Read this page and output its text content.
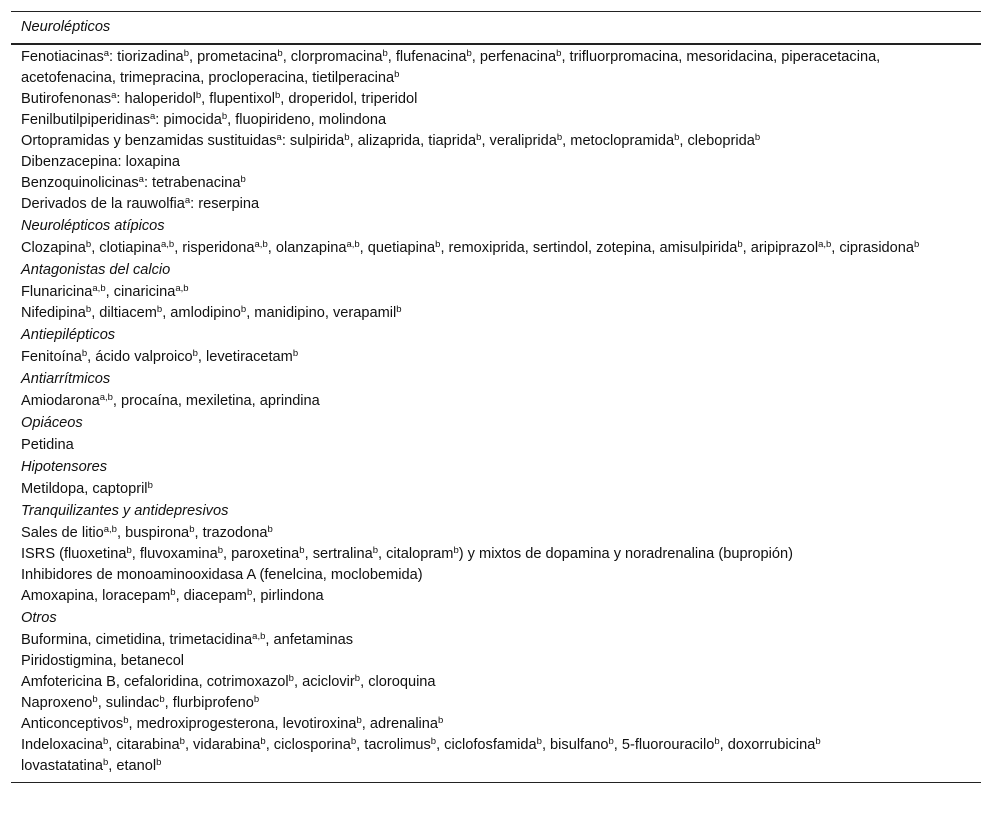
Neurolépticos
Fenotiacinas$^a$: tiorizadina$^b$, prometacina$^b$, clorpromacina$^b$, flufenacina$^b$, perfenacina$^b$, trifluorpromacina, mesoridacina, piperacetacina, acetofenacina, trimepracina, procloperacina, tietilperacina$^b$
Butirofenonas$^a$: haloperidol$^b$, flupentixol$^b$, droperidol, triperidol
Fenilbutilpiperidinas$^a$: pimocida$^b$, fluopirideno, molindona
Ortopramidas y benzamidas sustituidas$^a$: sulpirida$^b$, alizaprida, tiaprida$^b$, veraliprida$^b$, metoclopramida$^b$, cleboprida$^b$
Dibenzacepina: loxapina
Benzoquinolicinas$^a$: tetrabenacina$^b$
Derivados de la rauwolfia$^a$: reserpina
Neurolépticos atípicos
Clozapina$^b$, clotiapina$^{a,b}$, risperidona$^{a,b}$, olanzapina$^{a,b}$, quetiapina$^b$, remoxiprida, sertindol, zotepina, amisulpirida$^b$, aripiprazol$^{a,b}$, ciprasidona$^b$
Antagonistas del calcio
Flunaricina$^{a,b}$, cinaricina$^{a,b}$
Nifedipina$^b$, diltiacem$^b$, amlodipino$^b$, manidipino, verapamil$^b$
Antiepilépticos
Fenitoína$^b$, ácido valproico$^b$, levetiracetam$^b$
Antiarrítmicos
Amiodarona$^{a,b}$, procaína, mexiletina, aprindina
Opiáceos
Petidina
Hipotensores
Metildopa, captopril$^b$
Tranquilizantes y antidepresivos
Sales de litio$^{a,b}$, buspirona$^b$, trazodona$^b$
ISRS (fluoxetina$^b$, fluvoxamina$^b$, paroxetina$^b$, sertralina$^b$, citalopram$^b$) y mixtos de dopamina y noradrenalina (bupropión)
Inhibidores de monoaminooxidasa A (fenelcina, moclobemida)
Amoxapina, loracepam$^b$, diacepam$^b$, pirlindona
Otros
Buformina, cimetidina, trimetacidina$^{a,b}$, anfetaminas
Piridostigmina, betanecol
Amfotericina B, cefaloridina, cotrimoxazol$^b$, aciclovir$^b$, cloroquina
Naproxeno$^b$, sulindac$^b$, flurbiprofeno$^b$
Anticonceptivos$^b$, medroxiprogesterona, levotiroxina$^b$, adrenalina$^b$
Indeloxacina$^b$, citarabina$^b$, vidarabina$^b$, ciclosporina$^b$, tacrolimus$^b$, ciclofosfamida$^b$, bisulfano$^b$, 5-fluorouracilo$^b$, doxorrubicina$^b$
lovastatatina$^b$, etanol$^b$
